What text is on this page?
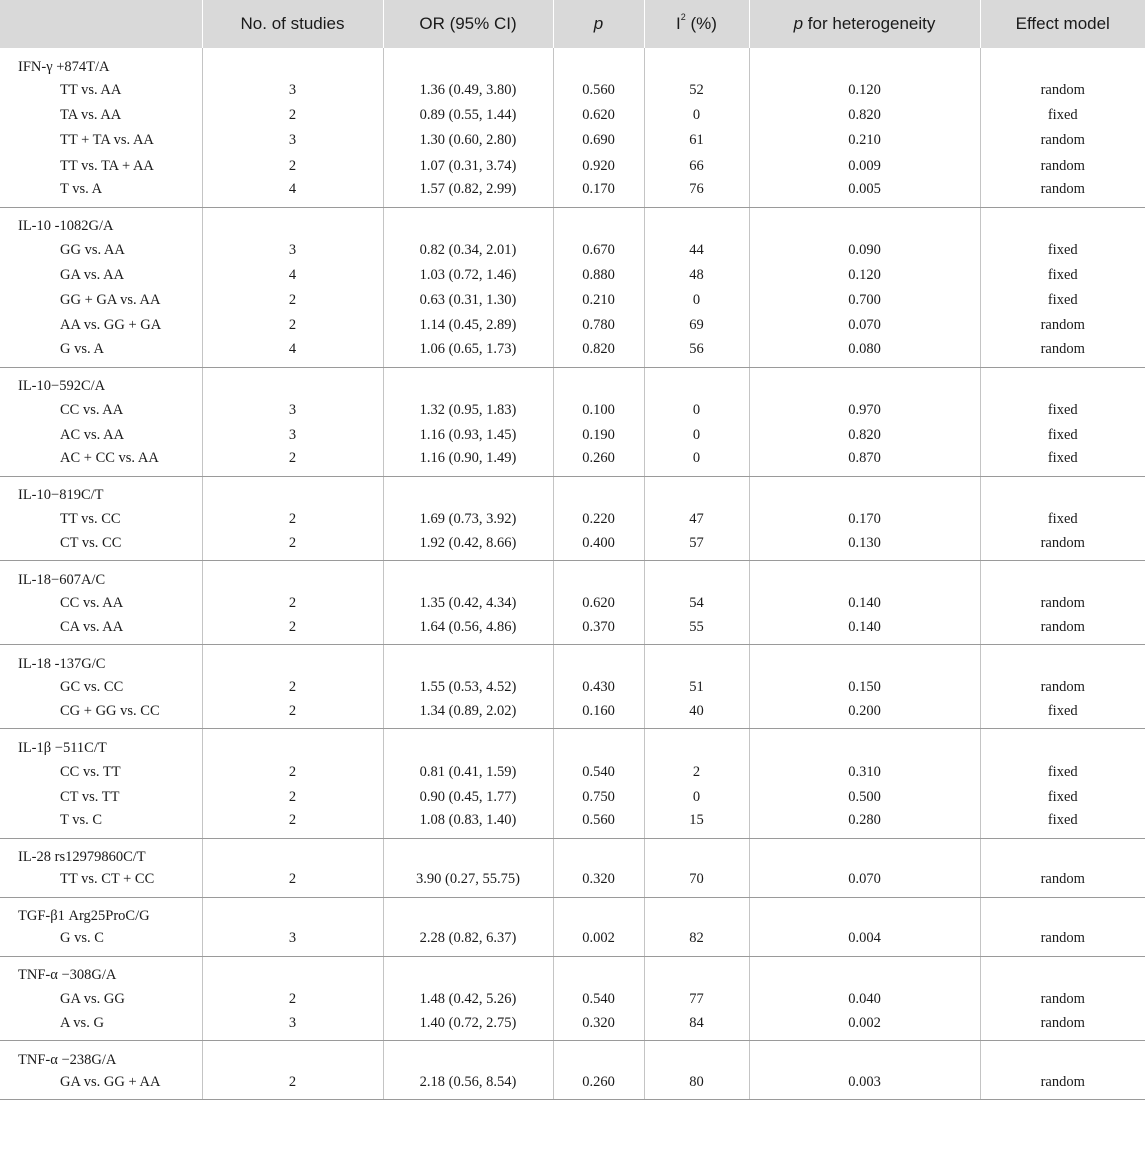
	No. of studies	OR (95% CI)	p	$I^2$ (%)	p for heterogeneity	Effect model
IFN-γ +874T/A						
TT vs. AA	3	1.36 (0.49, 3.80)	0.560	52	0.120	random
TA vs. AA	2	0.89 (0.55, 1.44)	0.620	0	0.820	fixed
TT + TA vs. AA	3	1.30 (0.60, 2.80)	0.690	61	0.210	random
TT vs. TA + AA	2	1.07 (0.31, 3.74)	0.920	66	0.009	random
T vs. A	4	1.57 (0.82, 2.99)	0.170	76	0.005	random
IL-10 -1082G/A						
GG vs. AA	3	0.82 (0.34, 2.01)	0.670	44	0.090	fixed
GA vs. AA	4	1.03 (0.72, 1.46)	0.880	48	0.120	fixed
GG + GA vs. AA	2	0.63 (0.31, 1.30)	0.210	0	0.700	fixed
AA vs. GG + GA	2	1.14 (0.45, 2.89)	0.780	69	0.070	random
G vs. A	4	1.06 (0.65, 1.73)	0.820	56	0.080	random
IL-10−592C/A						
CC vs. AA	3	1.32 (0.95, 1.83)	0.100	0	0.970	fixed
AC vs. AA	3	1.16 (0.93, 1.45)	0.190	0	0.820	fixed
AC + CC vs. AA	2	1.16 (0.90, 1.49)	0.260	0	0.870	fixed
IL-10−819C/T						
TT vs. CC	2	1.69 (0.73, 3.92)	0.220	47	0.170	fixed
CT vs. CC	2	1.92 (0.42, 8.66)	0.400	57	0.130	random
IL-18−607A/C						
CC vs. AA	2	1.35 (0.42, 4.34)	0.620	54	0.140	random
CA vs. AA	2	1.64 (0.56, 4.86)	0.370	55	0.140	random
IL-18 -137G/C						
GC vs. CC	2	1.55 (0.53, 4.52)	0.430	51	0.150	random
CG + GG vs. CC	2	1.34 (0.89, 2.02)	0.160	40	0.200	fixed
IL-1β −511C/T						
CC vs. TT	2	0.81 (0.41, 1.59)	0.540	2	0.310	fixed
CT vs. TT	2	0.90 (0.45, 1.77)	0.750	0	0.500	fixed
T vs. C	2	1.08 (0.83, 1.40)	0.560	15	0.280	fixed
IL-28 rs12979860C/T						
TT vs. CT + CC	2	3.90 (0.27, 55.75)	0.320	70	0.070	random
TGF-β1 Arg25ProC/G						
G vs. C	3	2.28 (0.82, 6.37)	0.002	82	0.004	random
TNF-α −308G/A						
GA vs. GG	2	1.48 (0.42, 5.26)	0.540	77	0.040	random
A vs. G	3	1.40 (0.72, 2.75)	0.320	84	0.002	random
TNF-α −238G/A						
GA vs. GG + AA	2	2.18 (0.56, 8.54)	0.260	80	0.003	random
